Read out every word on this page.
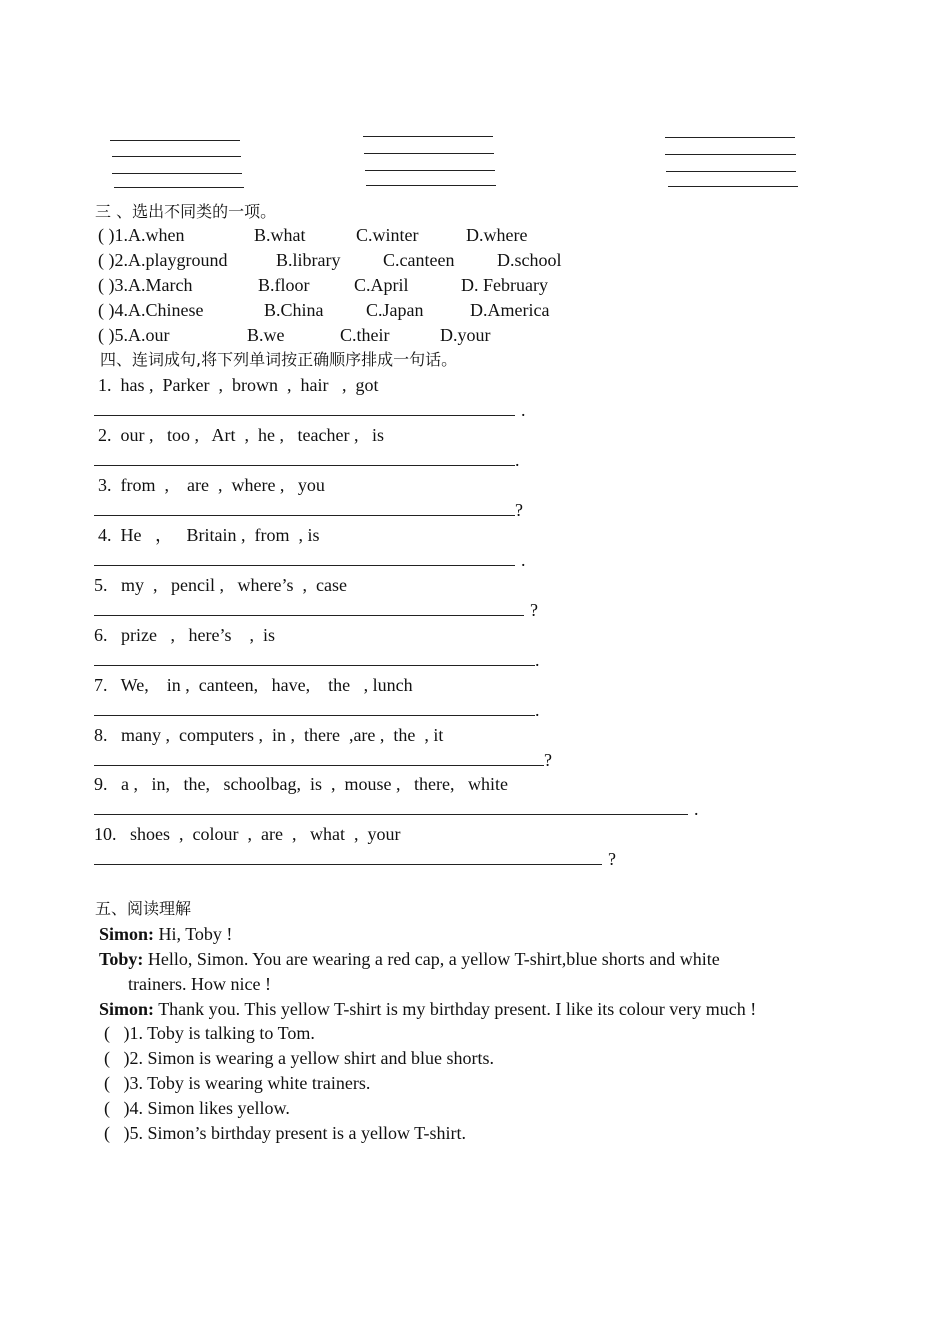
三 、选出不同类的一项。
( )1.A.when	B.what	C.winter	D.where
( )2.A.playground	B.library C.canteen D.school
( )3.A.March	B.floor C.April	D. February
( )4.A.Chinese	B.China C.Japan	D.America
( )5.A.our	B.we	C.their	D.your
四、连词成句,将下列单词按正确顺序排成一句话。
1.  has ,  Parker  ,  brown  ,  hair   ,  got
.
2.  our ,   too ,   Art  ,  he ,   teacher ,   is
.
3.  from  ,    are  ,  where ,   you
?
4.  He   ，   Britain ,  from  , is
.
5.   my  ,   pencil ,   where’s  ,  case
?
6.   prize   ,   here’s    ,  is
.
7.   We,    in ,  canteen,   have,    the   , lunch
.
8.   many ,  computers ,  in ,  there  ,are ,  the  , it
?
9.   a ,   in,   the,   schoolbag,  is  ,  mouse ,   there,   white
.
10.   shoes  ,  colour  ,  are  ,   what  ,  your
?
五、阅读理解
Simon: Hi, Toby !
Toby: Hello, Simon. You are wearing a red cap, a yellow T-shirt,blue shorts and white
trainers. How nice !
Simon: Thank you. This yellow T-shirt is my birthday present. I like its colour very much !
(   )1. Toby is talking to Tom.
(   )2. Simon is wearing a yellow shirt and blue shorts.
(   )3. Toby is wearing white trainers.
(   )4. Simon likes yellow.
(   )5. Simon’s birthday present is a yellow T-shirt.
